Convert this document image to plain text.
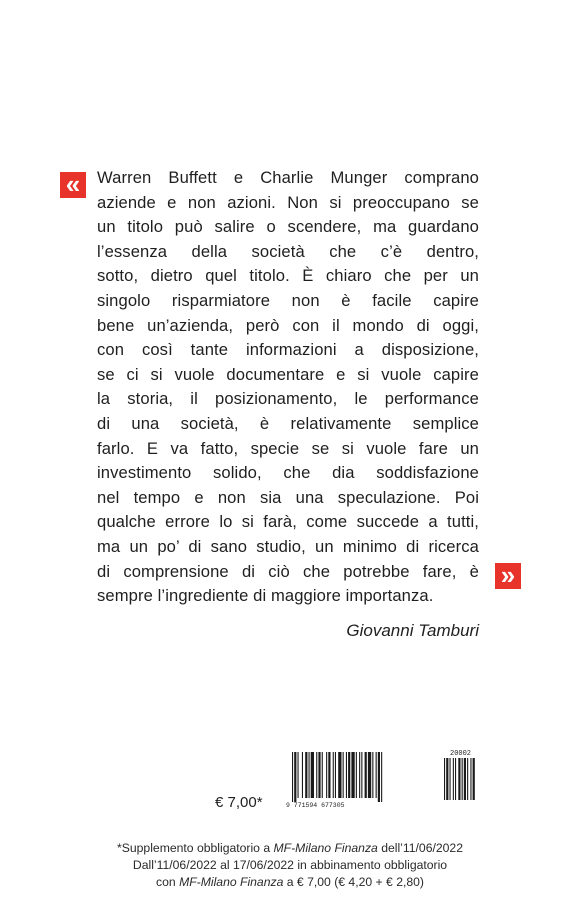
« Warren Buffett e Charlie Munger comprano
aziende e non azioni. Non si preoccupano se
un titolo può salire o scendere, ma guardano
l’essenza della società che c’è dentro,
sotto, dietro quel titolo. È chiaro che per un
singolo risparmiatore non è facile capire
bene un’azienda, però con il mondo di oggi,
con così tante informazioni a disposizione,
se ci si vuole documentare e si vuole capire
la storia, il posizionamento, le performance
di una società, è relativamente semplice
farlo. E va fatto, specie se si vuole fare un
investimento solido, che dia soddisfazione
nel tempo e non sia una speculazione. Poi
qualche errore lo si farà, come succede a tutti,
ma un po’ di sano studio, un minimo di ricerca
di comprensione di ciò che potrebbe fare, è
sempre l’ingrediente di maggiore importanza.
»
Giovanni Tamburi
9 771594 677305
20002
€ 7,00*
*Supplemento obbligatorio a MF-Milano Finanza dell’11/06/2022
Dall’11/06/2022 al 17/06/2022 in abbinamento obbligatorio
con MF-Milano Finanza a € 7,00 (€ 4,20 + € 2,80)
